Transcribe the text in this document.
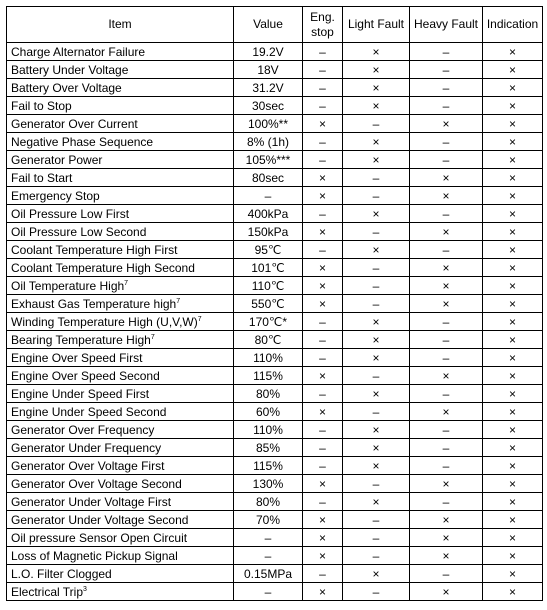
Item	Value	Eng. stop	Light Fault	Heavy Fault	Indication
Charge Alternator Failure	19.2V	–	×	–	×
Battery Under Voltage	18V	–	×	–	×
Battery Over Voltage	31.2V	–	×	–	×
Fail to Stop	30sec	–	×	–	×
Generator Over Current	100%**	×	–	×	×
Negative Phase Sequence	8% (1h)	–	×	–	×
Generator Power	105%***	–	×	–	×
Fail to Start	80sec	×	–	×	×
Emergency Stop	–	×	–	×	×
Oil Pressure Low First	400kPa	–	×	–	×
Oil Pressure Low Second	150kPa	×	–	×	×
Coolant Temperature High First	95℃	–	×	–	×
Coolant Temperature High Second	101℃	×	–	×	×
Oil Temperature High$^7$	110℃	×	–	×	×
Exhaust Gas Temperature high$^7$	550℃	×	–	×	×
Winding Temperature High $(U,V,W)^7$	170℃*	–	×	–	×
Bearing Temperature High$^7$	80℃	–	×	–	×
Engine Over Speed First	110%	–	×	–	×
Engine Over Speed Second	115%	×	–	×	×
Engine Under Speed First	80%	–	×	–	×
Engine Under Speed Second	60%	×	–	×	×
Generator Over Frequency	110%	–	×	–	×
Generator Under Frequency	85%	–	×	–	×
Generator Over Voltage First	115%	–	×	–	×
Generator Over Voltage Second	130%	×	–	×	×
Generator Under Voltage First	80%	–	×	–	×
Generator Under Voltage Second	70%	×	–	×	×
Oil pressure Sensor Open Circuit	–	×	–	×	×
Loss of Magnetic Pickup Signal	–	×	–	×	×
L.O. Filter Clogged	0.15MPa	–	×	–	×
Electrical Trip$^3$	–	×	–	×	×
